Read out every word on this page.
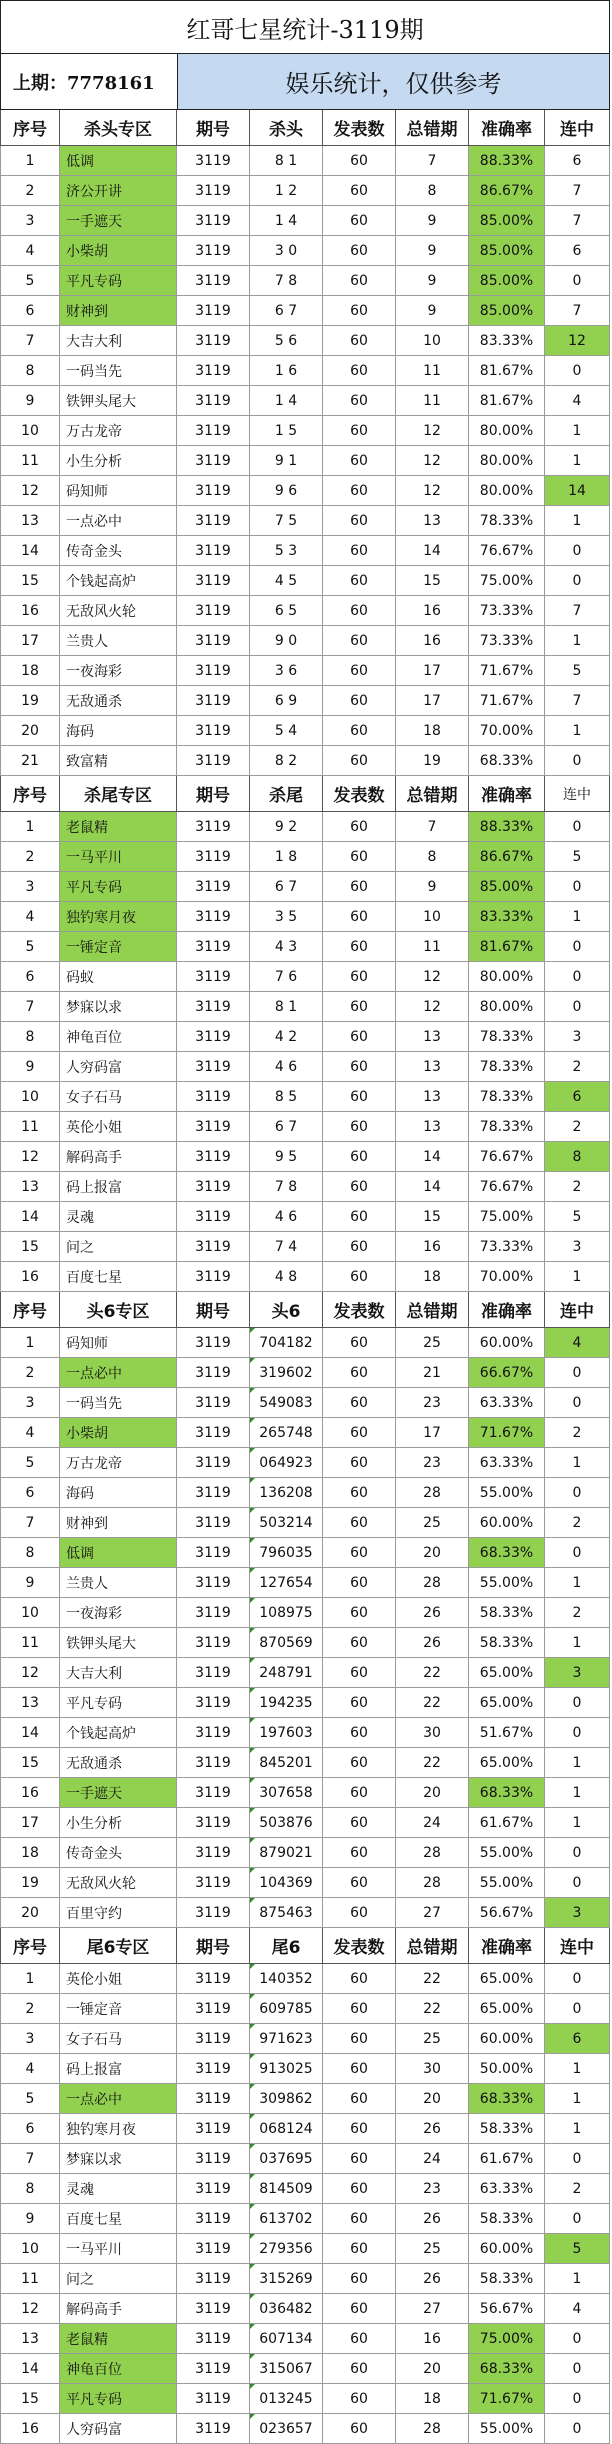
红哥七星统计-3119期
上期：7778161	娱乐统计，仅供参考
序号	杀头专区	期号	杀头	发表数	总错期	准确率	连中
1	低调	3119	8 1	60	7	88.33%	6
2	济公开讲	3119	1 2	60	8	86.67%	7
3	一手遮天	3119	1 4	60	9	85.00%	7
4	小柴胡	3119	3 0	60	9	85.00%	6
5	平凡专码	3119	7 8	60	9	85.00%	0
6	财神到	3119	6 7	60	9	85.00%	7
7	大吉大利	3119	5 6	60	10	83.33%	12
8	一码当先	3119	1 6	60	11	81.67%	0
9	铁钾头尾大	3119	1 4	60	11	81.67%	4
10	万古龙帝	3119	1 5	60	12	80.00%	1
11	小生分析	3119	9 1	60	12	80.00%	1
12	码知师	3119	9 6	60	12	80.00%	14
13	一点必中	3119	7 5	60	13	78.33%	1
14	传奇金头	3119	5 3	60	14	76.67%	0
15	个钱起高炉	3119	4 5	60	15	75.00%	0
16	无敌风火轮	3119	6 5	60	16	73.33%	7
17	兰贵人	3119	9 0	60	16	73.33%	1
18	一夜海彩	3119	3 6	60	17	71.67%	5
19	无敌通杀	3119	6 9	60	17	71.67%	7
20	海码	3119	5 4	60	18	70.00%	1
21	致富精	3119	8 2	60	19	68.33%	0
序号	杀尾专区	期号	杀尾	发表数	总错期	准确率	连中
1	老鼠精	3119	9 2	60	7	88.33%	0
2	一马平川	3119	1 8	60	8	86.67%	5
3	平凡专码	3119	6 7	60	9	85.00%	0
4	独钓寒月夜	3119	3 5	60	10	83.33%	1
5	一锤定音	3119	4 3	60	11	81.67%	0
6	码蚁	3119	7 6	60	12	80.00%	0
7	梦寐以求	3119	8 1	60	12	80.00%	0
8	神龟百位	3119	4 2	60	13	78.33%	3
9	人穷码富	3119	4 6	60	13	78.33%	2
10	女子石马	3119	8 5	60	13	78.33%	6
11	英伦小姐	3119	6 7	60	13	78.33%	2
12	解码高手	3119	9 5	60	14	76.67%	8
13	码上报富	3119	7 8	60	14	76.67%	2
14	灵魂	3119	4 6	60	15	75.00%	5
15	问之	3119	7 4	60	16	73.33%	3
16	百度七星	3119	4 8	60	18	70.00%	1
序号	头6专区	期号	头6	发表数	总错期	准确率	连中
1	码知师	3119	704182	60	25	60.00%	4
2	一点必中	3119	319602	60	21	66.67%	0
3	一码当先	3119	549083	60	23	63.33%	0
4	小柴胡	3119	265748	60	17	71.67%	2
5	万古龙帝	3119	064923	60	23	63.33%	1
6	海码	3119	136208	60	28	55.00%	0
7	财神到	3119	503214	60	25	60.00%	2
8	低调	3119	796035	60	20	68.33%	0
9	兰贵人	3119	127654	60	28	55.00%	1
10	一夜海彩	3119	108975	60	26	58.33%	2
11	铁钾头尾大	3119	870569	60	26	58.33%	1
12	大吉大利	3119	248791	60	22	65.00%	3
13	平凡专码	3119	194235	60	22	65.00%	0
14	个钱起高炉	3119	197603	60	30	51.67%	0
15	无敌通杀	3119	845201	60	22	65.00%	1
16	一手遮天	3119	307658	60	20	68.33%	1
17	小生分析	3119	503876	60	24	61.67%	1
18	传奇金头	3119	879021	60	28	55.00%	0
19	无敌风火轮	3119	104369	60	28	55.00%	0
20	百里守约	3119	875463	60	27	56.67%	3
序号	尾6专区	期号	尾6	发表数	总错期	准确率	连中
1	英伦小姐	3119	140352	60	22	65.00%	0
2	一锤定音	3119	609785	60	22	65.00%	0
3	女子石马	3119	971623	60	25	60.00%	6
4	码上报富	3119	913025	60	30	50.00%	1
5	一点必中	3119	309862	60	20	68.33%	1
6	独钓寒月夜	3119	068124	60	26	58.33%	1
7	梦寐以求	3119	037695	60	24	61.67%	0
8	灵魂	3119	814509	60	23	63.33%	2
9	百度七星	3119	613702	60	26	58.33%	0
10	一马平川	3119	279356	60	25	60.00%	5
11	问之	3119	315269	60	26	58.33%	1
12	解码高手	3119	036482	60	27	56.67%	4
13	老鼠精	3119	607134	60	16	75.00%	0
14	神龟百位	3119	315067	60	20	68.33%	0
15	平凡专码	3119	013245	60	18	71.67%	0
16	人穷码富	3119	023657	60	28	55.00%	0
